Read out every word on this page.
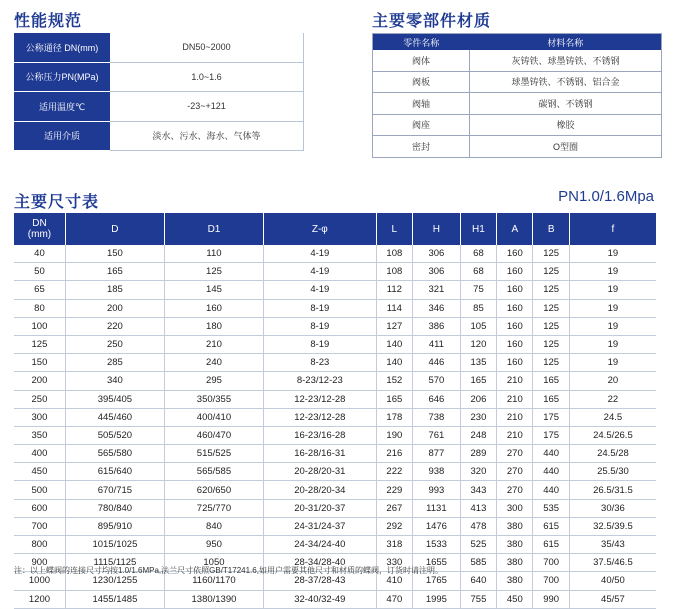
性能规范	主要零部件材质
公称通径 DN(mm)	DN50~2000
公称压力PN(MPa)	1.0~1.6
适用温度℃	-23~+121
适用介质	淡水、污水、海水、气体等
零件名称	材料名称
阀体	灰铸铁、球墨铸铁、不锈钢
阀板	球墨铸铁、不锈钢、铝合金
阀轴	碳钢、不锈钢
阀座	橡胶
密封	O型圈
主要尺寸表	PN1.0/1.6Mpa
DN
(mm)	D	D1	Z-φ	L	H	H1	A	B	f
40	150	110	4-19	108	306	68	160	125	19
50	165	125	4-19	108	306	68	160	125	19
65	185	145	4-19	112	321	75	160	125	19
80	200	160	8-19	114	346	85	160	125	19
100	220	180	8-19	127	386	105	160	125	19
125	250	210	8-19	140	411	120	160	125	19
150	285	240	8-23	140	446	135	160	125	19
200	340	295	8-23/12-23	152	570	165	210	165	20
250	395/405	350/355	12-23/12-28	165	646	206	210	165	22
300	445/460	400/410	12-23/12-28	178	738	230	210	175	24.5
350	505/520	460/470	16-23/16-28	190	761	248	210	175	24.5/26.5
400	565/580	515/525	16-28/16-31	216	877	289	270	440	24.5/28
450	615/640	565/585	20-28/20-31	222	938	320	270	440	25.5/30
500	670/715	620/650	20-28/20-34	229	993	343	270	440	26.5/31.5
600	780/840	725/770	20-31/20-37	267	1131	413	300	535	30/36
700	895/910	840	24-31/24-37	292	1476	478	380	615	32.5/39.5
800	1015/1025	950	24-34/24-40	318	1533	525	380	615	35/43
900	1115/1125	1050	28-34/28-40	330	1655	585	380	700	37.5/46.5
1000	1230/1255	1160/1170	28-37/28-43	410	1765	640	380	700	40/50
1200	1455/1485	1380/1390	32-40/32-49	470	1995	755	450	990	45/57
注：以上蝶阀的连接尺寸均按1.0/1.6MPa,法兰尺寸依照GB/T17241.6,如用户需要其他尺寸和材质的蝶阀，订货时请注明。
